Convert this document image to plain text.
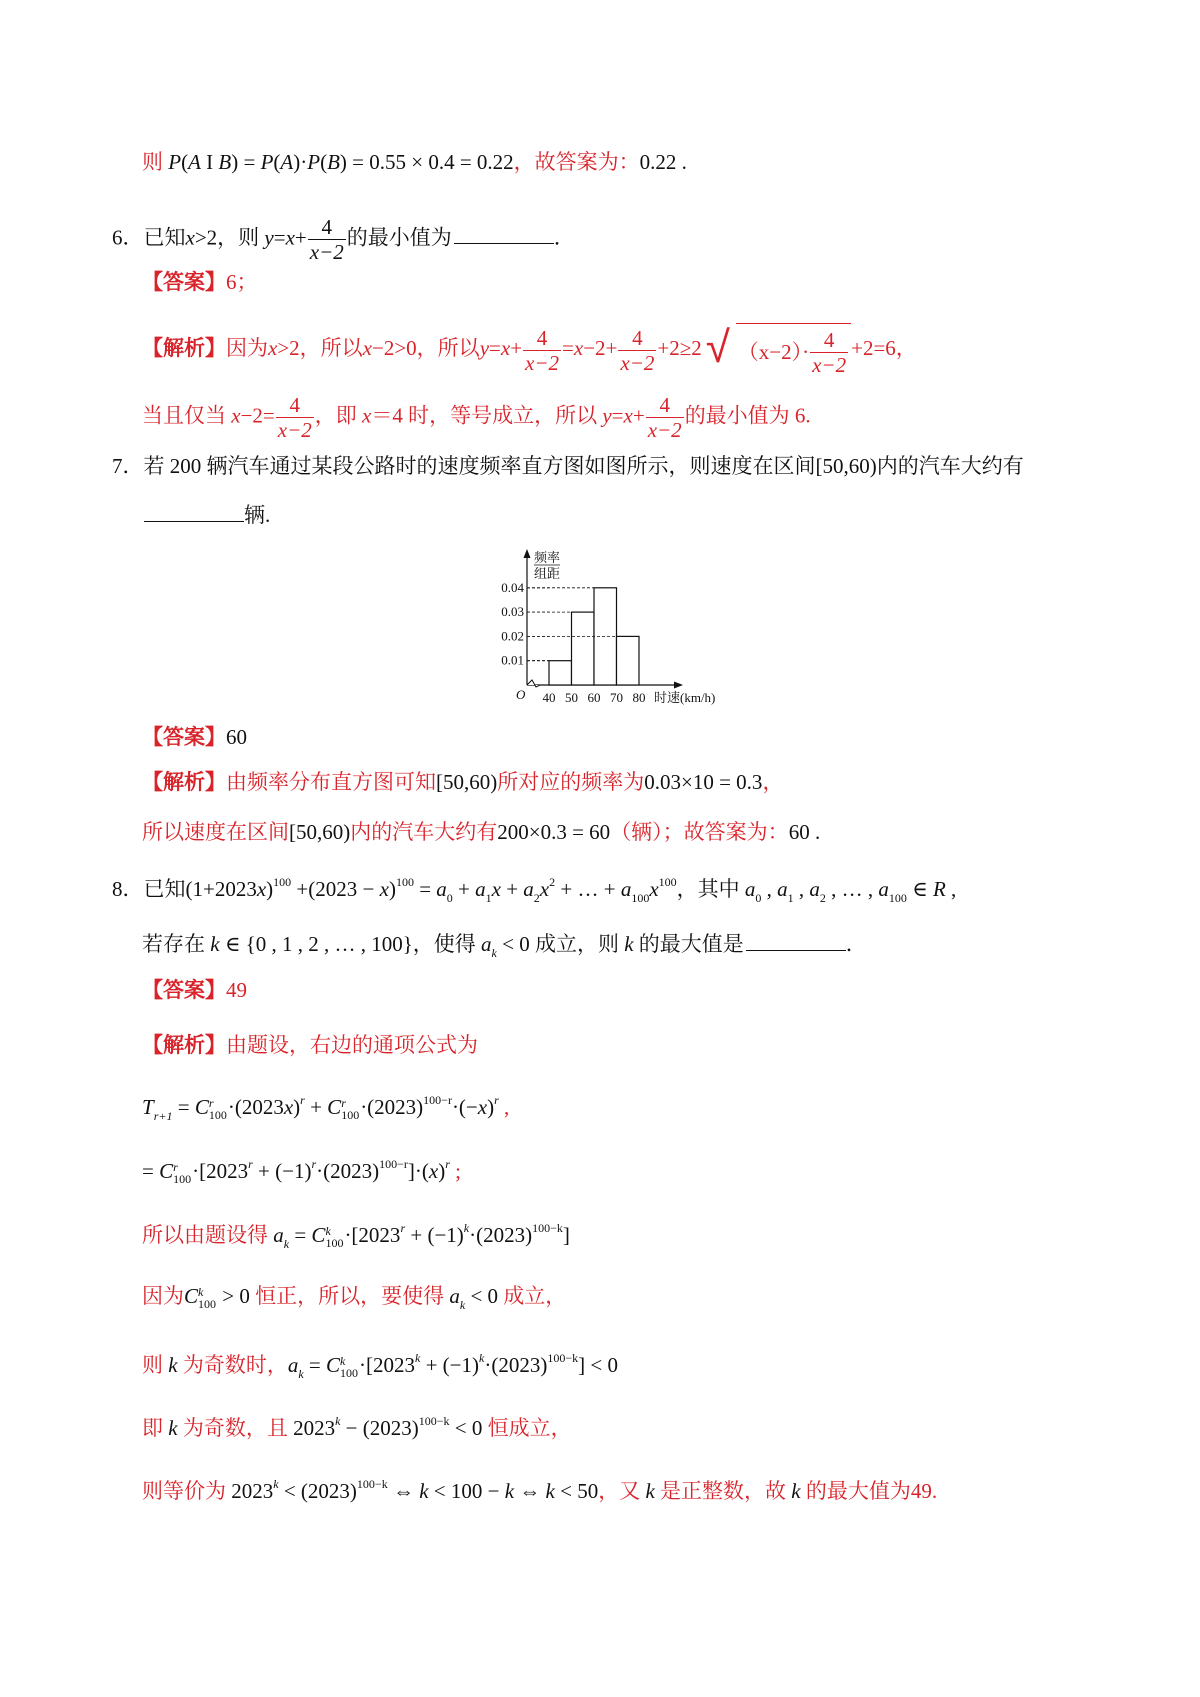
则 P(A I B) = P(A)·P(B) = 0.55 × 0.4 = 0.22，故答案为：0.22 .
6．已知x>2，则 $y=x+ \frac{4}{x-2}$ 的最小值为	．
【答案】6；
【解析】因为x>2，所以x−2>0，所以$y=x+ \frac{4}{x-2} =x-2+ \frac{4}{x-2} +2\ge 2$ √ $(x-2)\cdot \frac{4}{x-2} +2=6$，
当且仅当 $x-2= \frac{4}{x-2}$ ，即 x＝4 时，等号成立，所以 $y=x+ \frac{4}{x-2}$ 的最小值为 6.
7．若 200 辆汽车通过某段公路时的速度频率直方图如图所示，则速度在区间[50,60)内的汽车大约有
辆.
【答案】60
【解析】由频率分布直方图可知[50,60)所对应的频率为0.03×10 = 0.3，
所以速度在区间[50,60)内的汽车大约有200×0.3 = 60（辆）；故答案为：60 .
8．已知$(1+2023x)^{100} +(2023 - x)^{100} = a_0 + a_1x + a_2x^2$ + … + $a_{100}x^{100}$，其中 $a_0$ , $a_1$ , $a_2$ , … , $a_{100}$ ∈ R ,
若存在 k ∈ {0 , 1 , 2 , … , 100}，使得 $a_k < 0$ 成立，则 k 的最大值是	．
【答案】49
【解析】由题设，右边的通项公式为
$T_{r+1} = C$ r
$100 \cdot(2023x)^r + C$ r
$100 \cdot(2023)^{100-r}\cdot(-x)^r$ ,
= C r
$100 \cdot[2023^r + (-1)^r\cdot(2023)^{100-r}]\cdot(x)^r$ ;
所以由题设得 $a_k = C$ k
$100 \cdot[2023^r + (-1)^k\cdot(2023)^{100-k}]$
因为C k
100 > 0 恒正，所以，要使得 $a_k < 0$ 成立，
则 k 为奇数时，$a_k = C$ k
$100 \cdot[2023^k + (-1)^k\cdot(2023)^{100-k}] < 0$
即 k 为奇数，且 $2023^k - (2023)^{100-k} < 0$ 恒成立，
则等价为 $2023^k < (2023)^{100-k}$ ⇔ k < 100 − k ⇔ k < 50，又 k 是正整数，故 k 的最大值为49.
频率
组距
O
0.01
0.02
0.03
0.04
40 50 60 70 80 时速(km/h)
